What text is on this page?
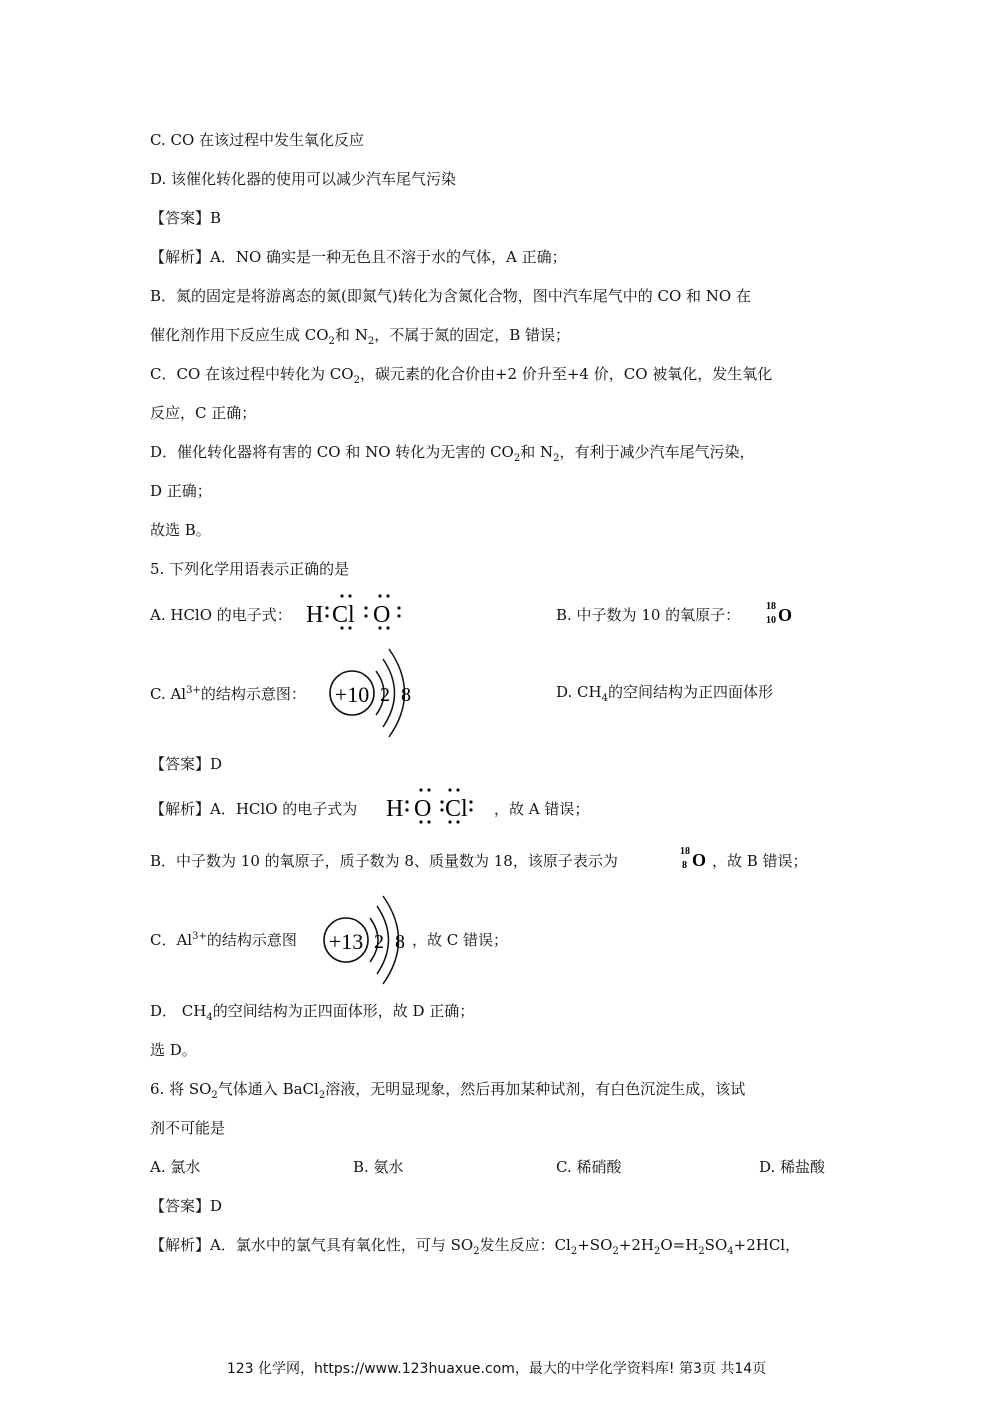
C. CO 在该过程中发生氧化反应
D. 该催化转化器的使用可以减少汽车尾气污染
【答案】B
【解析】A．NO 确实是一种无色且不溶于水的气体，A 正确；
B．氮的固定是将游离态的氮(即氮气)转化为含氮化合物，图中汽车尾气中的 CO 和 NO 在
催化剂作用下反应生成 $CO_2$和 $N_2$，不属于氮的固定，B 错误；
C．CO 在该过程中转化为 $CO_2$，碳元素的化合价由+2 价升至+4 价，CO 被氧化，发生氧化
反应，C 正确；
D．催化转化器将有害的 CO 和 NO 转化为无害的 $CO_2$和 $N_2$，有利于减少汽车尾气污染，
D 正确；
故选 B。
5. 下列化学用语表示正确的是
A. HClO 的电子式： H Cl O	B. 中子数为 10 的氧原子：	18
10 O
C. $Al^{3+}$的结构示意图： +10 2 8	D. $CH_4$的空间结构为正四面体形
【答案】D
【解析】A．HClO 的电子式为 H O Cl ，故 A 错误；
B．中子数为 10 的氧原子，质子数为 8、质量数为 18，该原子表示为
18
8 O ，故 B 错误；
C．$Al^{3+}$的结构示意图 +13 2 8 ，故 C 错误；
D． $CH_4$的空间结构为正四面体形，故 D 正确；
选 D。
6. 将 $SO_2$气体通入 BaCl$_2$溶液，无明显现象，然后再加某种试剂，有白色沉淀生成，该试
剂不可能是
A. 氯水	B. 氨水	C. 稀硝酸	D. 稀盐酸
【答案】D
【解析】A．氯水中的氯气具有氧化性，可与 $SO_2$发生反应：$Cl_2+SO_2+2H_2O=H_2SO_4+2HCl$，
123 化学网，https://www.123huaxue.com，最大的中学化学资料库! 第3页 共14页
